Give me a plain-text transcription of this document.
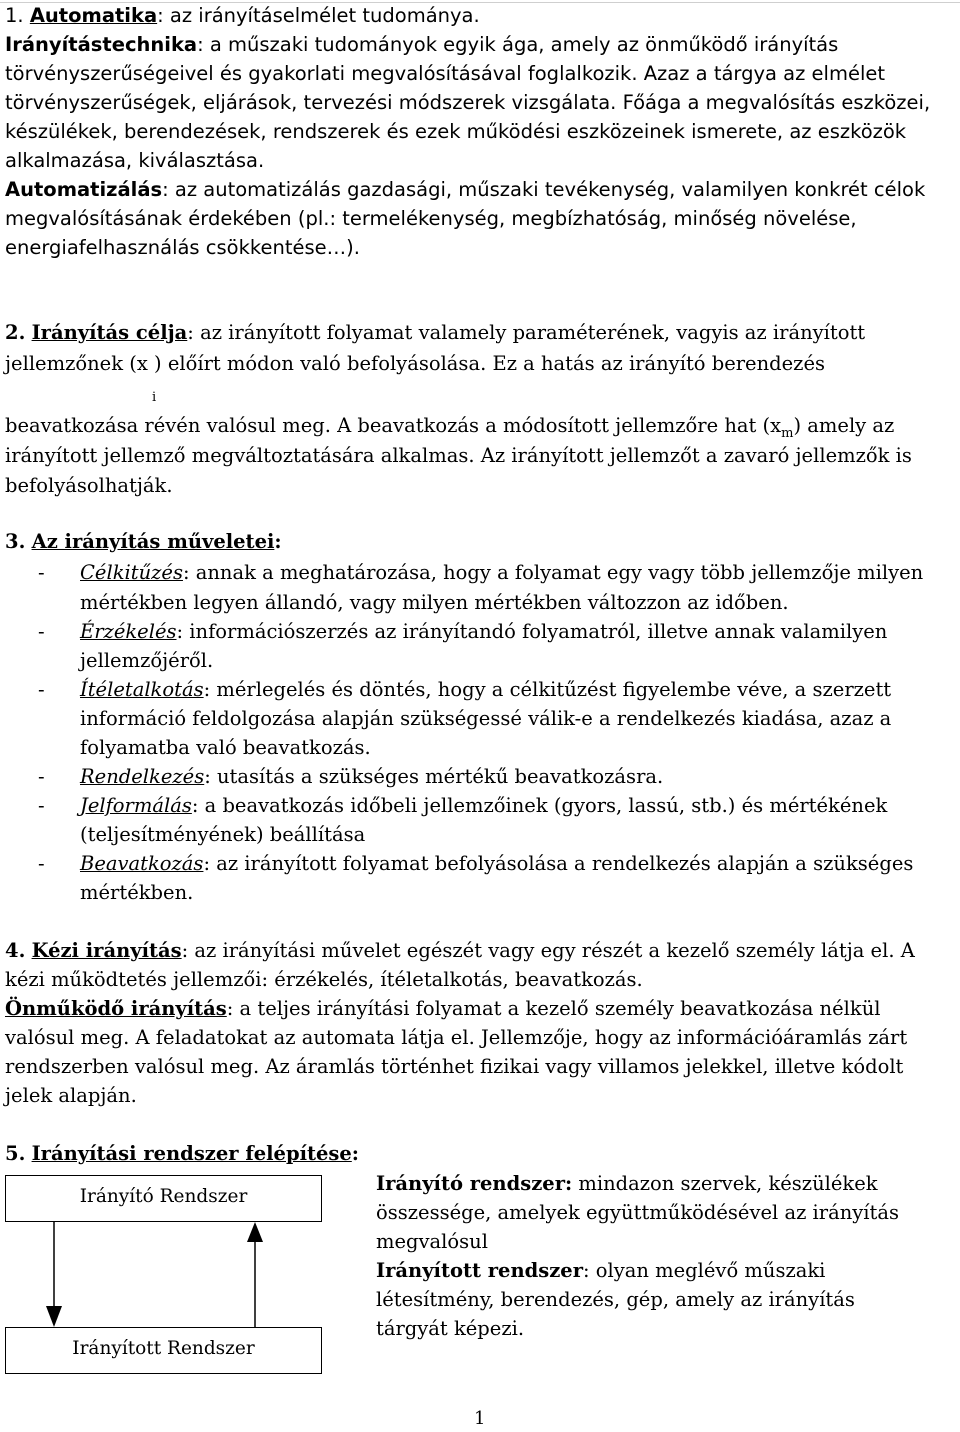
1. Automatika: az irányításelmélet tudománya.
Irányítástechnika: a műszaki tudományok egyik ága, amely az önműködő irányítás
törvényszerűségeivel és gyakorlati megvalósításával foglalkozik. Azaz a tárgya az elmélet
törvényszerűségek, eljárások, tervezési módszerek vizsgálata. Főága a megvalósítás eszközei,
készülékek, berendezések, rendszerek és ezek működési eszközeinek ismerete, az eszközök
alkalmazása, kiválasztása.
Automatizálás: az automatizálás gazdasági, műszaki tevékenység, valamilyen konkrét célok
megvalósításának érdekében (pl.: termelékenység, megbízhatóság, minőség növelése,
energiafelhasználás csökkentése…).
2. Irányítás célja: az irányított folyamat valamely paraméterének, vagyis az irányított
jellemzőnek (x ) előírt módon való befolyásolása. Ez a hatás az irányító berendezés
i
beavatkozása révén valósul meg. A beavatkozás a módosított jellemzőre hat $(x_m)$ amely az
irányított jellemző megváltoztatására alkalmas. Az irányított jellemzőt a zavaró jellemzők is
befolyásolhatják.
3. Az irányítás műveletei:
- Célkitűzés: annak a meghatározása, hogy a folyamat egy vagy több jellemzője milyen
mértékben legyen állandó, vagy milyen mértékben változzon az időben.
- Érzékelés: információszerzés az irányítandó folyamatról, illetve annak valamilyen
jellemzőjéről.
- Ítéletalkotás: mérlegelés és döntés, hogy a célkitűzést figyelembe véve, a szerzett
információ feldolgozása alapján szükségessé válik-e a rendelkezés kiadása, azaz a
folyamatba való beavatkozás.
- Rendelkezés: utasítás a szükséges mértékű beavatkozásra.
- Jelformálás: a beavatkozás időbeli jellemzőinek (gyors, lassú, stb.) és mértékének
(teljesítményének) beállítása
- Beavatkozás: az irányított folyamat befolyásolása a rendelkezés alapján a szükséges
mértékben.
4. Kézi irányítás: az irányítási művelet egészét vagy egy részét a kezelő személy látja el. A
kézi működtetés jellemzői: érzékelés, ítéletalkotás, beavatkozás.
Önműködő irányítás: a teljes irányítási folyamat a kezelő személy beavatkozása nélkül
valósul meg. A feladatokat az automata látja el. Jellemzője, hogy az információáramlás zárt
rendszerben valósul meg. Az áramlás történhet fizikai vagy villamos jelekkel, illetve kódolt
jelek alapján.
5. Irányítási rendszer felépítése:
Irányító Rendszer
Irányított Rendszer
Irányító rendszer: mindazon szervek, készülékek
összessége, amelyek együttműködésével az irányítás
megvalósul
Irányított rendszer: olyan meglévő műszaki
létesítmény, berendezés, gép, amely az irányítás
tárgyát képezi.
1
